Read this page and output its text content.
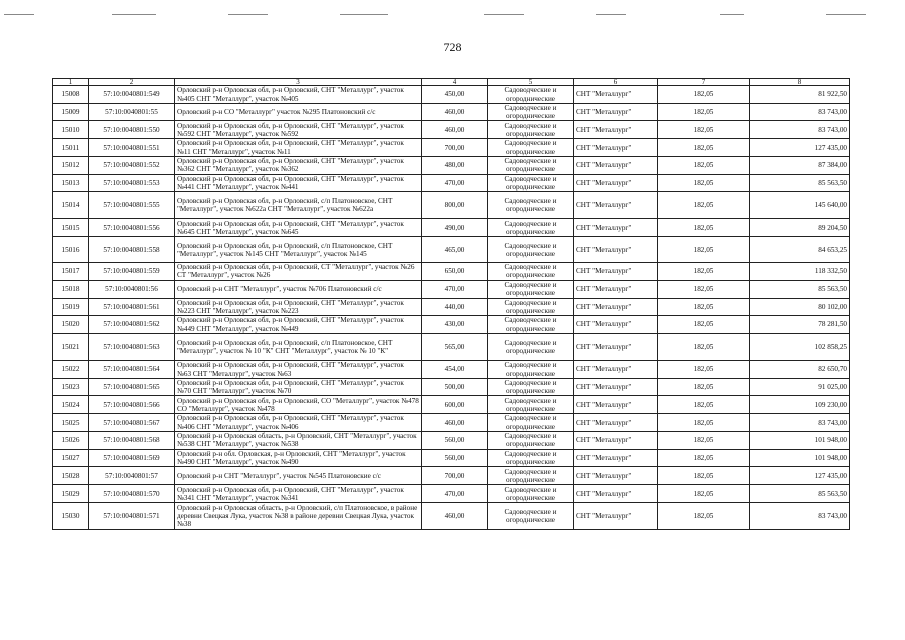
728
1	2	3	4	5	6	7	8
15008	57:10:0040801:549	Орловский р-н Орловская обл, р-н Орловский, СНТ "Металлург", участок №405 СНТ "Металлург", участок №405	450,00	Садоводческие и огороднические	СНТ "Металлург"	182,05	81 922,50
15009	57:10:0040801:55	Орловский р-н СО "Металлург" участок №295 Платоновский с/с	460,00	Садоводческие и огороднические	СНТ "Металлург"	182,05	83 743,00
15010	57:10:0040801:550	Орловский р-н Орловская обл, р-н Орловский, СНТ "Металлург", участок №592 СНТ "Металлург", участок №592	460,00	Садоводческие и огороднические	СНТ "Металлург"	182,05	83 743,00
15011	57:10:0040801:551	Орловский р-н Орловская обл, р-н Орловский, СНТ "Металлург", участок №11 СНТ "Металлург", участок №11	700,00	Садоводческие и огороднические	СНТ "Металлург"	182,05	127 435,00
15012	57:10:0040801:552	Орловский р-н Орловская обл, р-н Орловский, СНТ "Металлург", участок №362 СНТ "Металлург", участок №362	480,00	Садоводческие и огороднические	СНТ "Металлург"	182,05	87 384,00
15013	57:10:0040801:553	Орловский р-н Орловская обл, р-н Орловский, СНТ "Металлург", участок №441 СНТ "Металлург", участок №441	470,00	Садоводческие и огороднические	СНТ "Металлург"	182,05	85 563,50
15014	57:10:0040801:555	Орловский р-н Орловская обл, р-н Орловский, с/п Платоновское, СНТ "Металлург", участок №622а СНТ "Металлург", участок №622а	800,00	Садоводческие и огороднические	СНТ "Металлург"	182,05	145 640,00
15015	57:10:0040801:556	Орловский р-н Орловская обл, р-н Орловский, СНТ "Металлург", участок №645 СНТ "Металлург", участок №645	490,00	Садоводческие и огороднические	СНТ "Металлург"	182,05	89 204,50
15016	57:10:0040801:558	Орловский р-н Орловская обл, р-н Орловский, с/п Платоновское, СНТ "Металлург", участок №145 СНТ "Металлург", участок №145	465,00	Садоводческие и огороднические	СНТ "Металлург"	182,05	84 653,25
15017	57:10:0040801:559	Орловский р-н Орловская обл, р-н Орловский, СТ "Металлург", участок №26 СТ "Металлург", участок №26	650,00	Садоводческие и огороднические	СНТ "Металлург"	182,05	118 332,50
15018	57:10:0040801:56	Орловский р-н СНТ "Металлург", участок №706 Платоновский с/с	470,00	Садоводческие и огороднические	СНТ "Металлург"	182,05	85 563,50
15019	57:10:0040801:561	Орловский р-н Орловская обл, р-н Орловский, СНТ "Металлург", участок №223 СНТ "Металлург", участок №223	440,00	Садоводческие и огороднические	СНТ "Металлург"	182,05	80 102,00
15020	57:10:0040801:562	Орловский р-н Орловская обл, р-н Орловский, СНТ "Металлург", участок №449 СНТ "Металлург", участок №449	430,00	Садоводческие и огороднические	СНТ "Металлург"	182,05	78 281,50
15021	57:10:0040801:563	Орловский р-н Орловская обл, р-н Орловский, с/п Платоновское, СНТ "Металлург", участок № 10 "К" СНТ "Металлург", участок № 10 "К"	565,00	Садоводческие и огороднические	СНТ "Металлург"	182,05	102 858,25
15022	57:10:0040801:564	Орловский р-н Орловская обл, р-н Орловский, СНТ "Металлург", участок №63 СНТ "Металлург", участок №63	454,00	Садоводческие и огороднические	СНТ "Металлург"	182,05	82 650,70
15023	57:10:0040801:565	Орловский р-н Орловская обл, р-н Орловский, СНТ "Металлург", участок №70 СНТ "Металлург", участок №70	500,00	Садоводческие и огороднические	СНТ "Металлург"	182,05	91 025,00
15024	57:10:0040801:566	Орловский р-н Орловская обл, р-н Орловский, СО "Металлург", участок №478 СО "Металлург", участок №478	600,00	Садоводческие и огороднические	СНТ "Металлург"	182,05	109 230,00
15025	57:10:0040801:567	Орловский р-н Орловская обл, р-н Орловский, СНТ "Металлург", участок №406 СНТ "Металлург", участок №406	460,00	Садоводческие и огороднические	СНТ "Металлург"	182,05	83 743,00
15026	57:10:0040801:568	Орловский р-н Орловская область, р-н Орловский, СНТ "Металлург", участок №538 СНТ "Металлург", участок №538	560,00	Садоводческие и огороднические	СНТ "Металлург"	182,05	101 948,00
15027	57:10:0040801:569	Орловский р-н обл. Орловская, р-н Орловский, СНТ "Металлург", участок №490 СНТ "Металлург", участок №490	560,00	Садоводческие и огороднические	СНТ "Металлург"	182,05	101 948,00
15028	57:10:0040801:57	Орловский р-н СНТ "Металлург", участок №545 Платоновские с/с	700,00	Садоводческие и огороднические	СНТ "Металлург"	182,05	127 435,00
15029	57:10:0040801:570	Орловский р-н Орловская обл, р-н Орловский, СНТ "Металлург", участок №341 СНТ "Металлург", участок №341	470,00	Садоводческие и огороднические	СНТ "Металлург"	182,05	85 563,50
15030	57:10:0040801:571	Орловский р-н Орловская область, р-н Орловский, с/п Платоновское, в районе деревни Свецкая Лука, участок №38 в районе деревни Свецкая Лука, участок №38	460,00	Садоводческие и огороднические	СНТ "Металлург"	182,05	83 743,00
